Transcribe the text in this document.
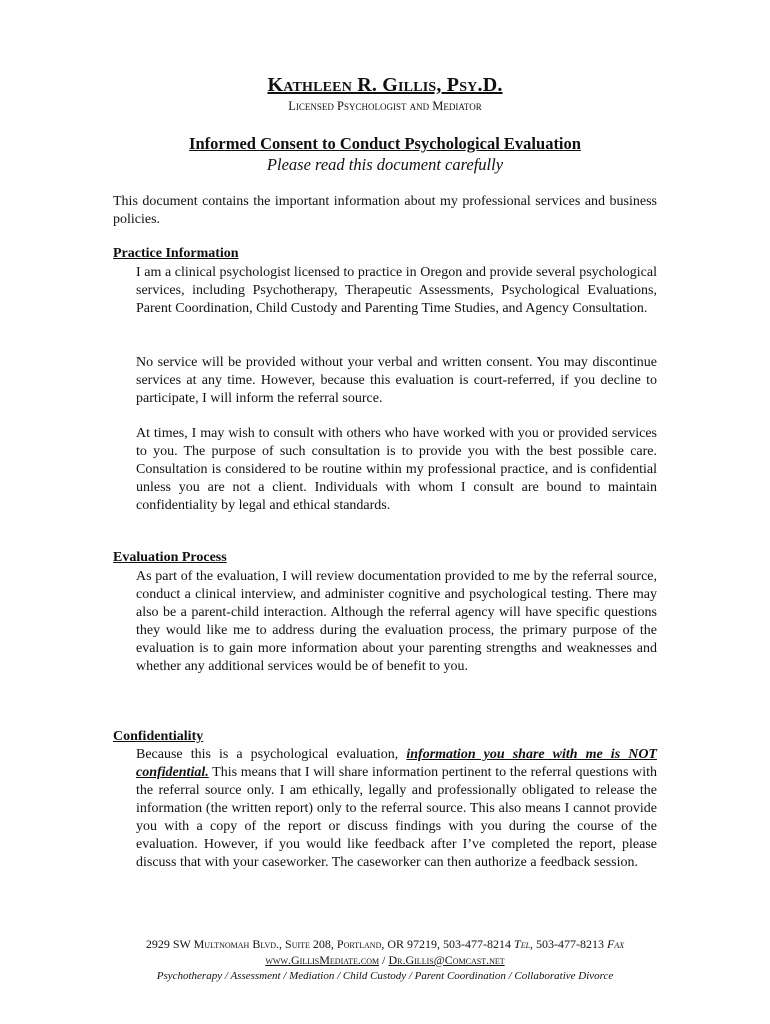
Kathleen R. Gillis, Psy.D.
Licensed Psychologist and Mediator
Informed Consent to Conduct Psychological Evaluation
Please read this document carefully

This document contains the important information about my professional services and business policies.

Practice Information

I am a clinical psychologist licensed to practice in Oregon and provide several psychological services, including Psychotherapy, Therapeutic Assessments, Psychological Evaluations, Parent Coordination, Child Custody and Parenting Time Studies, and Agency Consultation.

No service will be provided without your verbal and written consent. You may discontinue services at any time. However, because this evaluation is court-referred, if you decline to participate, I will inform the referral source.

At times, I may wish to consult with others who have worked with you or provided services to you. The purpose of such consultation is to provide you with the best possible care. Consultation is considered to be routine within my professional practice, and is confidential unless you are not a client. Individuals with whom I consult are bound to maintain confidentiality by legal and ethical standards.

Evaluation Process

As part of the evaluation, I will review documentation provided to me by the referral source, conduct a clinical interview, and administer cognitive and psychological testing. There may also be a parent-child interaction. Although the referral agency will have specific questions they would like me to address during the evaluation process, the primary purpose of the evaluation is to gain more information about your parenting strengths and weaknesses and whether any additional services would be of benefit to you.

Confidentiality

Because this is a psychological evaluation, information you share with me is NOT confidential. This means that I will share information pertinent to the referral questions with the referral source only. I am ethically, legally and professionally obligated to release the information (the written report) only to the referral source. This also means I cannot provide you with a copy of the report or discuss findings with you during the course of the evaluation. However, if you would like feedback after I’ve completed the report, please discuss that with your caseworker. The caseworker can then authorize a feedback session.

2929 SW Multnomah Blvd., Suite 208, Portland, OR 97219, 503-477-8214 Tel, 503-477-8213 Fax
www.GillisMediate.com / Dr.Gillis@Comcast.net
Psychotherapy / Assessment / Mediation / Child Custody / Parent Coordination / Collaborative Divorce
